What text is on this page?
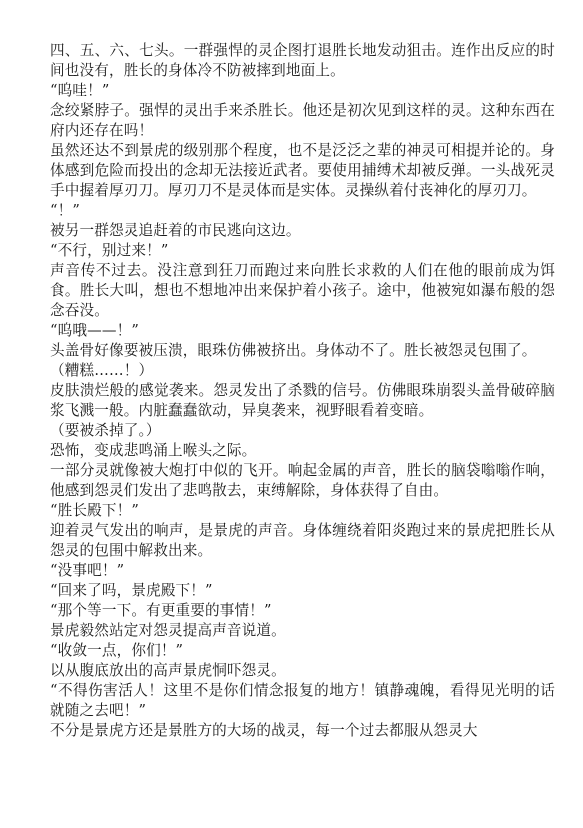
四、五、六、七头。一群强悍的灵企图打退胜长地发动狙击。连作出反应的时间也没有，胜长的身体冷不防被摔到地面上。

“呜哇！”

念绞紧脖子。强悍的灵出手来杀胜长。他还是初次见到这样的灵。这种东西在府内还存在吗！

虽然还达不到景虎的级别那个程度，也不是泛泛之辈的神灵可相提并论的。身体感到危险而投出的念却无法接近武者。要使用捕缚术却被反弹。一头战死灵手中握着厚刃刀。厚刃刀不是灵体而是实体。灵操纵着付丧神化的厚刃刀。

“！”

被另一群怨灵追赶着的市民逃向这边。

“不行，别过来！”

声音传不过去。没注意到狂刀而跑过来向胜长求救的人们在他的眼前成为饵食。胜长大叫，想也不想地冲出来保护着小孩子。途中，他被宛如瀑布般的怨念吞没。

“呜哦——！”

头盖骨好像要被压溃，眼珠仿佛被挤出。身体动不了。胜长被怨灵包围了。

（糟糕……！）

皮肤溃烂般的感觉袭来。怨灵发出了杀戮的信号。仿佛眼珠崩裂头盖骨破碎脑浆飞溅一般。内脏蠢蠢欲动，异臭袭来，视野眼看着变暗。

（要被杀掉了。）

恐怖，变成悲鸣涌上喉头之际。

一部分灵就像被大炮打中似的飞开。响起金属的声音，胜长的脑袋嗡嗡作响，他感到怨灵们发出了悲鸣散去，束缚解除，身体获得了自由。

“胜长殿下！”

迎着灵气发出的响声，是景虎的声音。身体缠绕着阳炎跑过来的景虎把胜长从怨灵的包围中解救出来。

“没事吧！”

“回来了吗，景虎殿下！”

“那个等一下。有更重要的事情！”

景虎毅然站定对怨灵提高声音说道。

“收敛一点，你们！”

以从腹底放出的高声景虎恫吓怨灵。

“不得伤害活人！这里不是你们情念报复的地方！镇静魂魄，看得见光明的话就随之去吧！”

不分是景虎方还是景胜方的大场的战灵，每一个过去都服从怨灵大
